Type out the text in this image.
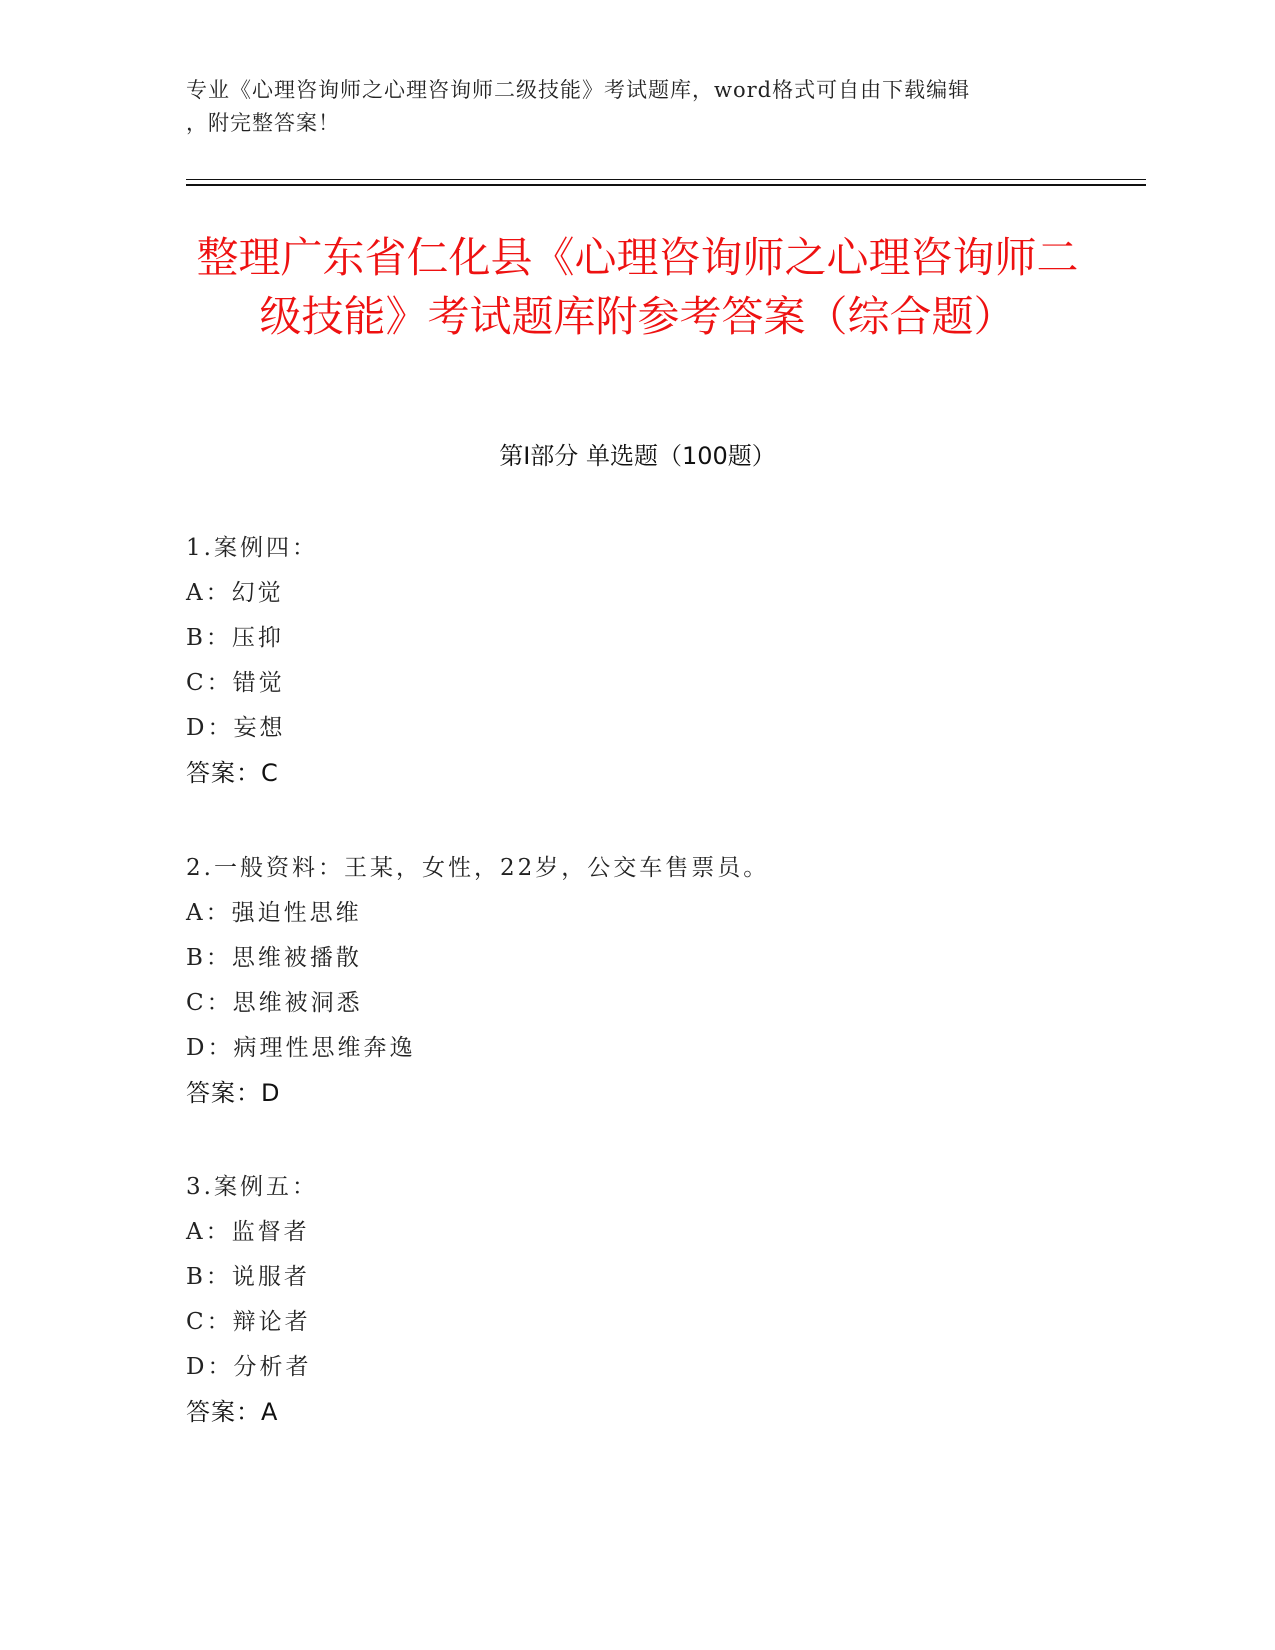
专业《心理咨询师之心理咨询师二级技能》考试题库，word格式可自由下载编辑
，附完整答案！
整理广东省仁化县《心理咨询师之心理咨询师二级技能》考试题库附参考答案（综合题）
第Ⅰ部分 单选题（100题）
1.案例四：
A：幻觉
B：压抑
C：错觉
D：妄想
答案：C
2.一般资料：王某，女性，22岁，公交车售票员。
A：强迫性思维
B：思维被播散
C：思维被洞悉
D：病理性思维奔逸
答案：D
3.案例五：
A：监督者
B：说服者
C：辩论者
D：分析者
答案：A
